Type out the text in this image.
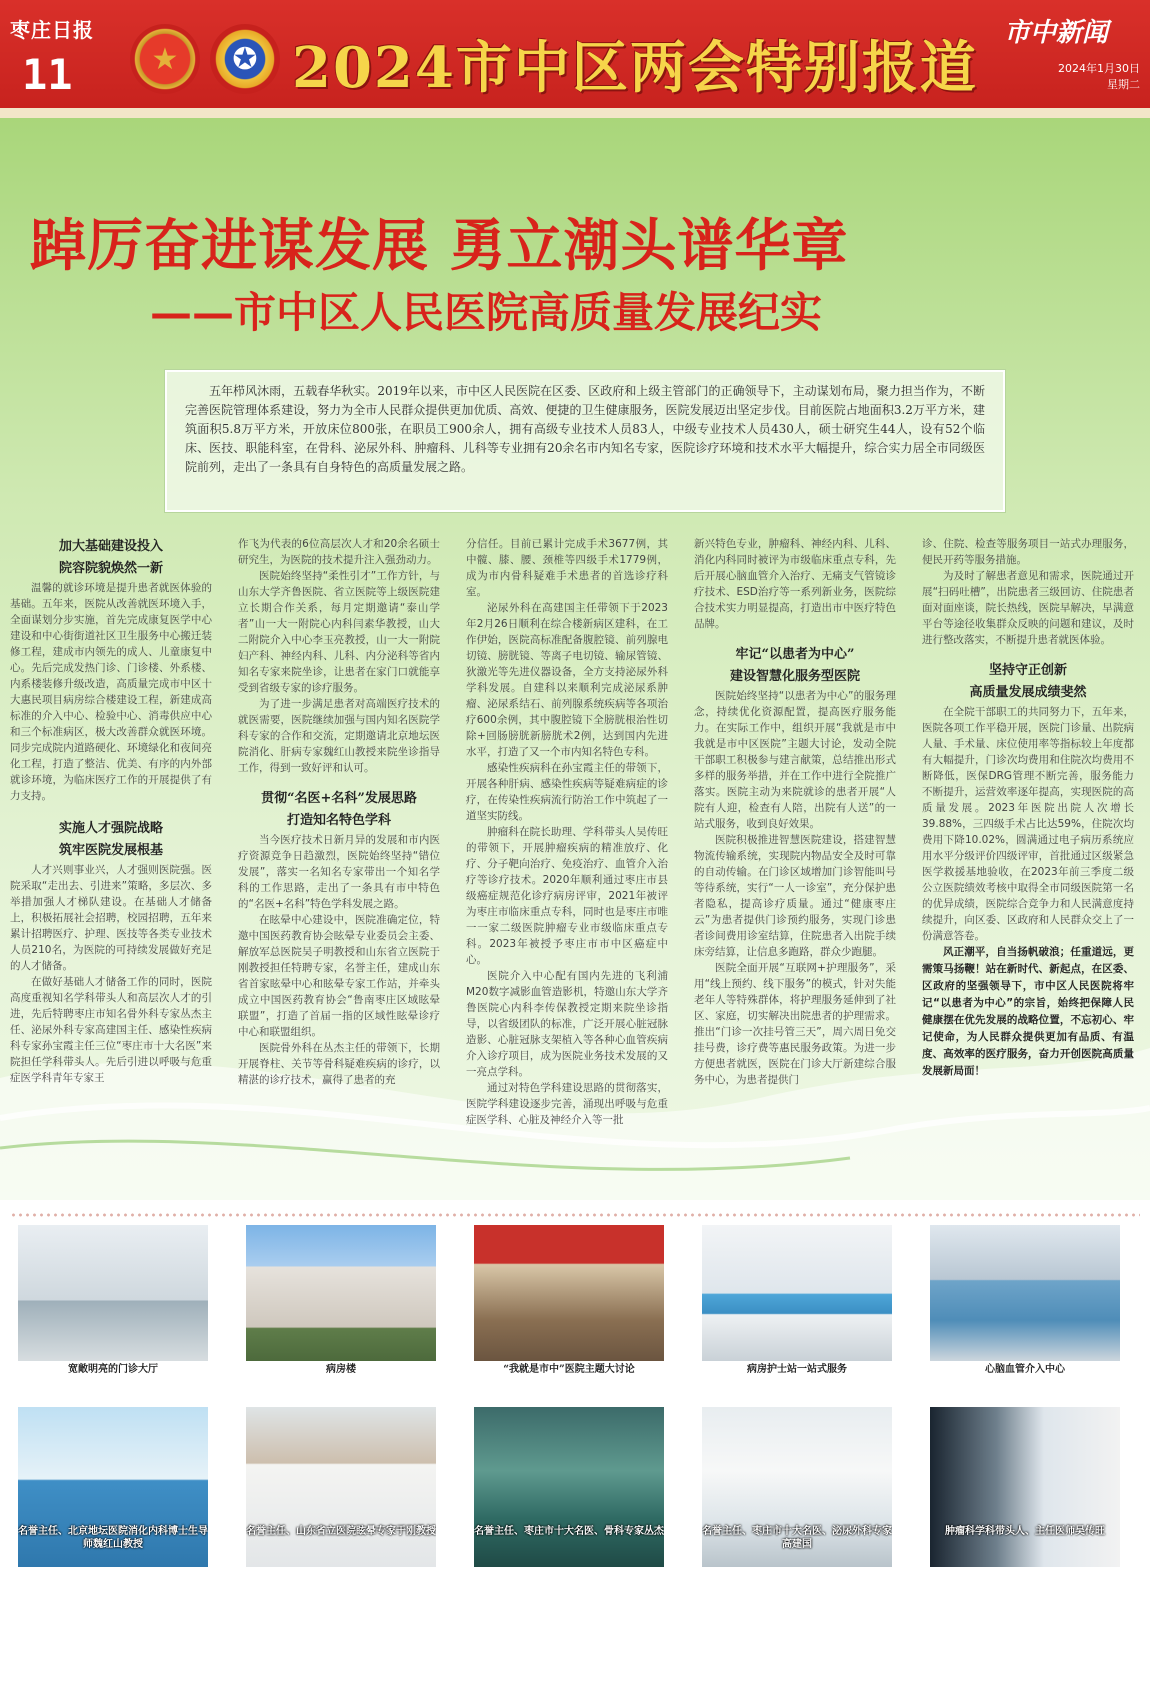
枣庄日报
11	★	✪ 2024市中区两会特别报道
市中新闻
2024年1月30日
星期二
踔厉奋进谋发展 勇立潮头谱华章
——市中区人民医院高质量发展纪实
五年栉风沐雨，五载春华秋实。2019年以来，市中区人民医院在区委、区政府和上级主管部门的正确领导下，主动谋划布局，聚力担当作为，不断完善医院管理体系建设，努力为全市人民群众提供更加优质、高效、便捷的卫生健康服务，医院发展迈出坚定步伐。目前医院占地面积3.2万平方米，建筑面积5.8万平方米，开放床位800张，在职员工900余人，拥有高级专业技术人员83人，中级专业技术人员430人，硕士研究生44人，设有52个临床、医技、职能科室，在骨科、泌尿外科、肿瘤科、儿科等专业拥有20余名市内知名专家，医院诊疗环境和技术水平大幅提升，综合实力居全市同级医院前列，走出了一条具有自身特色的高质量发展之路。

加大基础建设投入
院容院貌焕然一新

温馨的就诊环境是提升患者就医体验的基础。五年来，医院从改善就医环境入手，全面谋划分步实施，首先完成康复医学中心建设和中心街街道社区卫生服务中心搬迁装修工程，建成市内领先的成人、儿童康复中心。先后完成发热门诊、门诊楼、外系楼、内系楼装修升级改造，高质量完成市中区十大惠民项目病房综合楼建设工程，新建成高标准的介入中心、检验中心、消毒供应中心和三个标准病区，极大改善群众就医环境。同步完成院内道路硬化、环境绿化和夜间亮化工程，打造了整洁、优美、有序的内外部就诊环境，为临床医疗工作的开展提供了有力支持。

实施人才强院战略
筑牢医院发展根基

人才兴则事业兴，人才强则医院强。医院采取“走出去、引进来”策略，多层次、多举措加强人才梯队建设。在基础人才储备上，积极拓展社会招聘，校园招聘，五年来累计招聘医疗、护理、医技等各类专业技术人员210名，为医院的可持续发展做好充足的人才储备。

在做好基础人才储备工作的同时，医院高度重视知名学科带头人和高层次人才的引进，先后特聘枣庄市知名骨外科专家丛杰主任、泌尿外科专家高建国主任、感染性疾病科专家孙宝霞主任三位“枣庄市十大名医”来院担任学科带头人。先后引进以呼吸与危重症医学科青年专家王

作飞为代表的6位高层次人才和20余名硕士研究生，为医院的技术提升注入强劲动力。

医院始终坚持“柔性引才”工作方针，与山东大学齐鲁医院、省立医院等上级医院建立长期合作关系，每月定期邀请“泰山学者”山一大一附院心内科闫素华教授，山大二附院介入中心李玉亮教授，山一大一附院妇产科、神经内科、儿科、内分泌科等省内知名专家来院坐诊，让患者在家门口就能享受到省级专家的诊疗服务。

为了进一步满足患者对高端医疗技术的就医需要，医院继续加强与国内知名医院学科专家的合作和交流，定期邀请北京地坛医院消化、肝病专家魏红山教授来院坐诊指导工作，得到一致好评和认可。

贯彻“名医+名科”发展思路
打造知名特色学科

当今医疗技术日新月异的发展和市内医疗资源竞争日趋激烈，医院始终坚持“错位发展”，落实一名知名专家带出一个知名学科的工作思路，走出了一条具有市中特色的“名医+名科”特色学科发展之路。

在眩晕中心建设中，医院准确定位，特邀中国医药教育协会眩晕专业委员会主委、解放军总医院吴子明教授和山东省立医院于刚教授担任特聘专家，名誉主任，建成山东省首家眩晕中心和眩晕专家工作站，并牵头成立中国医药教育协会“鲁南枣庄区域眩晕联盟”，打造了首届一指的区域性眩晕诊疗中心和联盟组织。

医院骨外科在丛杰主任的带领下，长期开展脊柱、关节等骨科疑难疾病的诊疗，以精湛的诊疗技术，赢得了患者的充

分信任。目前已累计完成手术3677例，其中髋、膝、腰、颈椎等四级手术1779例，成为市内骨科疑难手术患者的首选诊疗科室。

泌尿外科在高建国主任带领下于2023年2月26日顺利在综合楼新病区建科，在工作伊始，医院高标准配备腹腔镜、前列腺电切镜、膀胱镜、等离子电切镜、输尿管镜、狄激光等先进仪器设备，全方支持泌尿外科学科发展。自建科以来顺利完成泌尿系肿瘤、泌尿系结石、前列腺系统疾病等各项治疗600余例，其中腹腔镜下全膀胱根治性切除+回肠膀胱新膀胱术2例，达到国内先进水平，打造了又一个市内知名特色专科。

感染性疾病科在孙宝霞主任的带领下，开展各种肝病、感染性疾病等疑难病症的诊疗，在传染性疾病流行防治工作中筑起了一道坚实防线。

肿瘤科在院长助理、学科带头人吴传旺的带领下，开展肿瘤疾病的精准放疗、化疗、分子靶向治疗、免疫治疗、血管介入治疗等诊疗技术。2020年顺利通过枣庄市县级癌症规范化诊疗病房评审，2021年被评为枣庄市临床重点专科，同时也是枣庄市唯一一家二级医院肿瘤专业市级临床重点专科。2023年被授予枣庄市市中区癌症中心。

医院介入中心配有国内先进的飞利浦M20数字减影血管造影机，特邀山东大学齐鲁医院心内科李传保教授定期来院坐诊指导，以省级团队的标准，广泛开展心脏冠脉造影、心脏冠脉支架植入等各种心血管疾病介入诊疗项目，成为医院业务技术发展的又一亮点学科。

通过对特色学科建设思路的贯彻落实，医院学科建设逐步完善，涌现出呼吸与危重症医学科、心脏及神经介入等一批

新兴特色专业，肿瘤科、神经内科、儿科、消化内科同时被评为市级临床重点专科，先后开展心脑血管介入治疗、无痛支气管镜诊疗技术、ESD治疗等一系列新业务，医院综合技术实力明显提高，打造出市中医疗特色品牌。

牢记“以患者为中心”
建设智慧化服务型医院

医院始终坚持“以患者为中心”的服务理念，持续优化资源配置，提高医疗服务能力。在实际工作中，组织开展“我就是市中 我就是市中区医院”主题大讨论，发动全院干部职工积极参与建言献策，总结推出形式多样的服务举措，并在工作中进行全院推广落实。医院主动为来院就诊的患者开展“人院有人迎，检查有人陪，出院有人送”的一站式服务，收到良好效果。

医院积极推进智慧医院建设，搭建智慧物流传输系统，实现院内物品安全及时可靠的自动传输。在门诊区域增加门诊智能叫号等待系统，实行“一人一诊室”，充分保护患者隐私，提高诊疗质量。通过“健康枣庄云”为患者提供门诊预约服务，实现门诊患者诊间费用诊室结算，住院患者入出院手续床旁结算，让信息多跑路，群众少跑腿。

医院全面开展“互联网+护理服务”，采用“线上预约、线下服务”的模式，针对失能老年人等特殊群体，将护理服务延伸到了社区、家庭，切实解决出院患者的护理需求。推出“门诊一次挂号管三天”，周六周日免交挂号费，诊疗费等惠民服务政策。为进一步方便患者就医，医院在门诊大厅新建综合服务中心，为患者提供门

诊、住院、检查等服务项目一站式办理服务，便民开药等服务措施。

为及时了解患者意见和需求，医院通过开展“扫码吐槽”，出院患者三级回访、住院患者面对面座谈，院长热线，医院早解决，早满意平台等途径收集群众反映的问题和建议，及时进行整改落实，不断提升患者就医体验。

坚持守正创新
高质量发展成绩斐然

在全院干部职工的共同努力下，五年来，医院各项工作平稳开展，医院门诊量、出院病人量、手术量、床位使用率等指标较上年度都有大幅提升，门诊次均费用和住院次均费用不断降低，医保DRG管理不断完善，服务能力不断提升，运营效率逐年提高，实现医院的高质量发展。2023年医院出院人次增长39.88%，三四级手术占比达59%，住院次均费用下降10.02%，圆满通过电子病历系统应用水平分级评价四级评审，首批通过区级紧急医学救援基地验收，在2023年前三季度二级公立医院绩效考核中取得全市同级医院第一名的优异成绩，医院综合竞争力和人民满意度持续提升，向区委、区政府和人民群众交上了一份满意答卷。

风正潮平，自当扬帆破浪；任重道远，更需策马扬鞭！站在新时代、新起点，在区委、区政府的坚强领导下，市中区人民医院将牢记“以患者为中心”的宗旨，始终把保障人民健康摆在优先发展的战略位置，不忘初心、牢记使命，为人民群众提供更加有品质、有温度、高效率的医疗服务，奋力开创医院高质量发展新局面！

宽敞明亮的门诊大厅	病房楼	“我就是市中”医院主题大讨论	病房护士站一站式服务	心脑血管介入中心
名誉主任、北京地坛医院消化内科博士生导师魏红山教授
名誉主任、山东省立医院眩晕专家于刚教授	名誉主任、枣庄市十大名医、骨科专家丛杰	名誉主任、枣庄市十大名医、泌尿外科专家高建国
肿瘤科学科带头人、主任医师吴传旺
